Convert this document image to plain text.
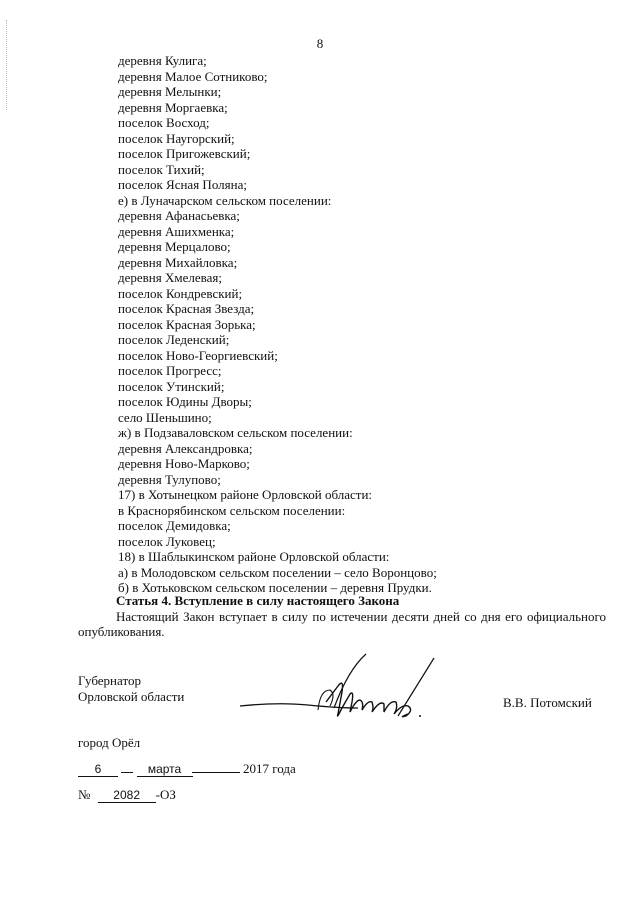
8
деревня Кулига;
деревня Малое Сотниково;
деревня Мелынки;
деревня Моргаевка;
поселок Восход;
поселок Наугорский;
поселок Пригожевский;
поселок Тихий;
поселок Ясная Поляна;
е) в Луначарском сельском поселении:
деревня Афанасьевка;
деревня Ашихменка;
деревня Мерцалово;
деревня Михайловка;
деревня Хмелевая;
поселок Кондревский;
поселок Красная Звезда;
поселок Красная Зорька;
поселок Леденский;
поселок Ново-Георгиевский;
поселок Прогресс;
поселок Утинский;
поселок Юдины Дворы;
село Шеньшино;
ж) в Подзаваловском сельском поселении:
деревня Александровка;
деревня Ново-Марково;
деревня Тулупово;
17) в Хотынецком районе Орловской области:
в Краснорябинском сельском поселении:
поселок Демидовка;
поселок Луковец;
18) в Шаблыкинском районе Орловской области:
а) в Молодовском сельском поселении – село Воронцово;
б) в Хотьковском сельском поселении – деревня Прудки.
Статья 4. Вступление в силу настоящего Закона
Настоящий Закон вступает в силу по истечении десяти дней со дня его официального опубликования.
Губернатор
Орловской области	В.В. Потомский
город Орёл
6	марта	2017 года
№ 2082 -ОЗ
